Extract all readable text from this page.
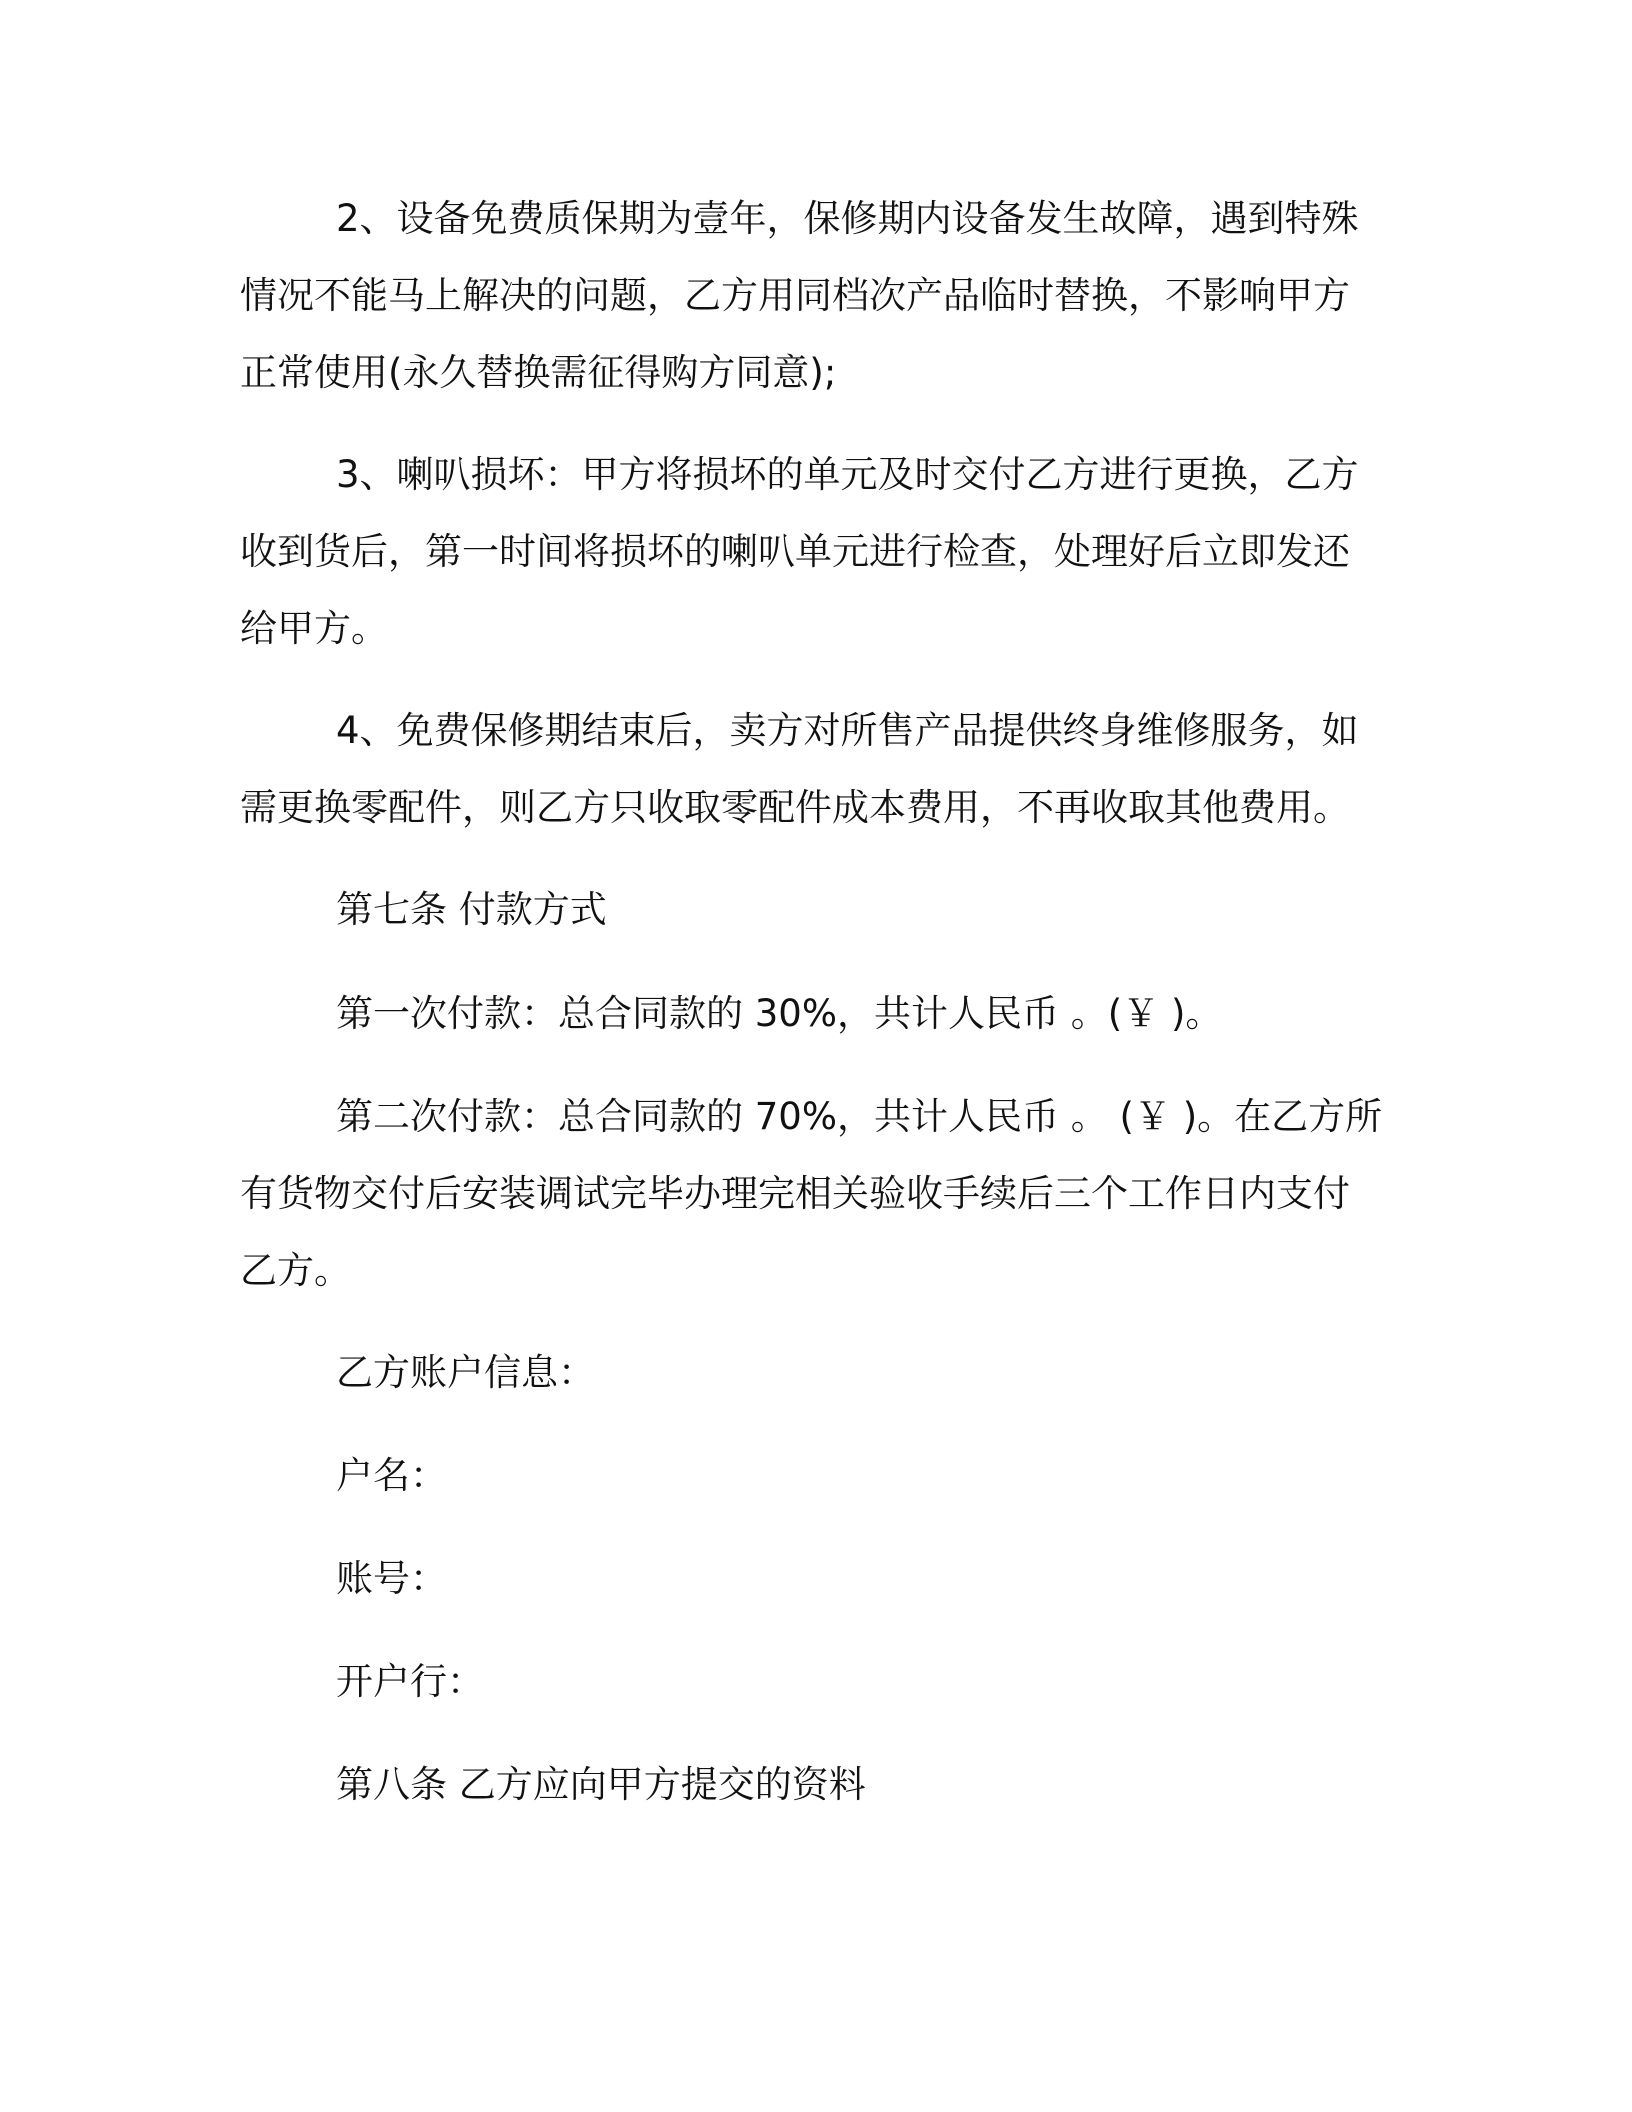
2、设备免费质保期为壹年，保修期内设备发生故障，遇到特殊
情况不能马上解决的问题，乙方用同档次产品临时替换，不影响甲方
正常使用(永久替换需征得购方同意);

3、喇叭损坏：甲方将损坏的单元及时交付乙方进行更换，乙方
收到货后，第一时间将损坏的喇叭单元进行检查，处理好后立即发还
给甲方。

4、免费保修期结束后，卖方对所售产品提供终身维修服务，如
需更换零配件，则乙方只收取零配件成本费用，不再收取其他费用。

第七条 付款方式

第一次付款：总合同款的 30%，共计人民币 。(￥ )。

第二次付款：总合同款的 70%，共计人民币 。 (￥ )。在乙方所
有货物交付后安装调试完毕办理完相关验收手续后三个工作日内支付
乙方。

乙方账户信息：

户名：

账号：

开户行：

第八条 乙方应向甲方提交的资料
